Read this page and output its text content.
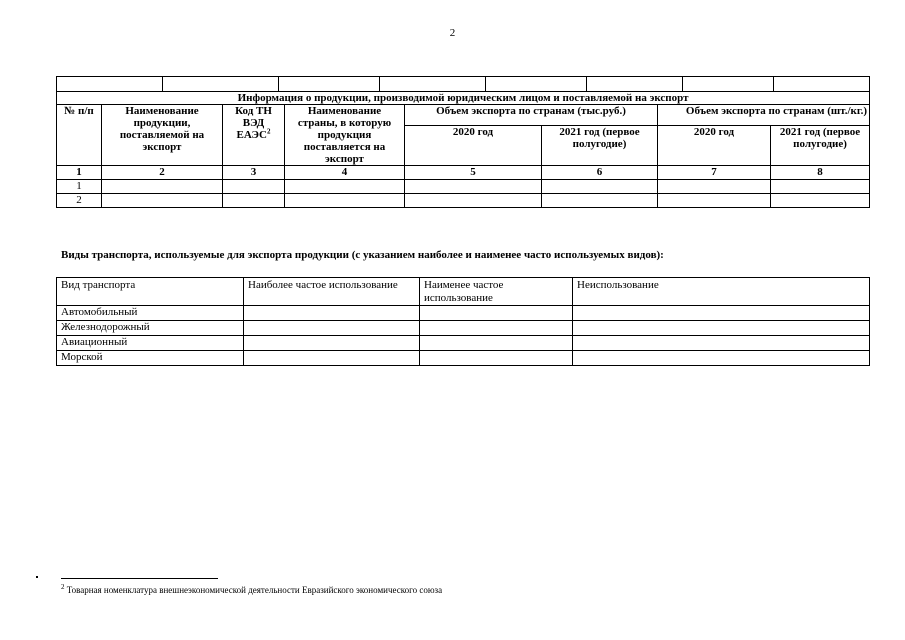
2

Информация о продукции, производимой юридическим лицом и поставляемой на экспорт							
№ п/п	Наименование продукции, поставляемой на экспорт	Код ТН ВЭД ЕАЭС$^2$	Наименование страны, в которую продукция поставляется на экспорт	Объем экспорта по странам (тыс.руб.)		Объем экспорта по странам (шт./кг.)	
				2020 год	2021 год (первое полугодие)	2020 год	2021 год (первое полугодие)
1	2	3	4	5	6	7	8
1							
2							
Виды транспорта, используемые для экспорта продукции (с указанием наиболее и наименее часто используемых видов):
Вид транспорта	Наиболее частое использование	Наименее частое использование	Неиспользование
Автомобильный			
Железнодорожный			
Авиационный			
Морской			
$^2$ Товарная номенклатура внешнеэкономической деятельности Евразийского экономического союза
